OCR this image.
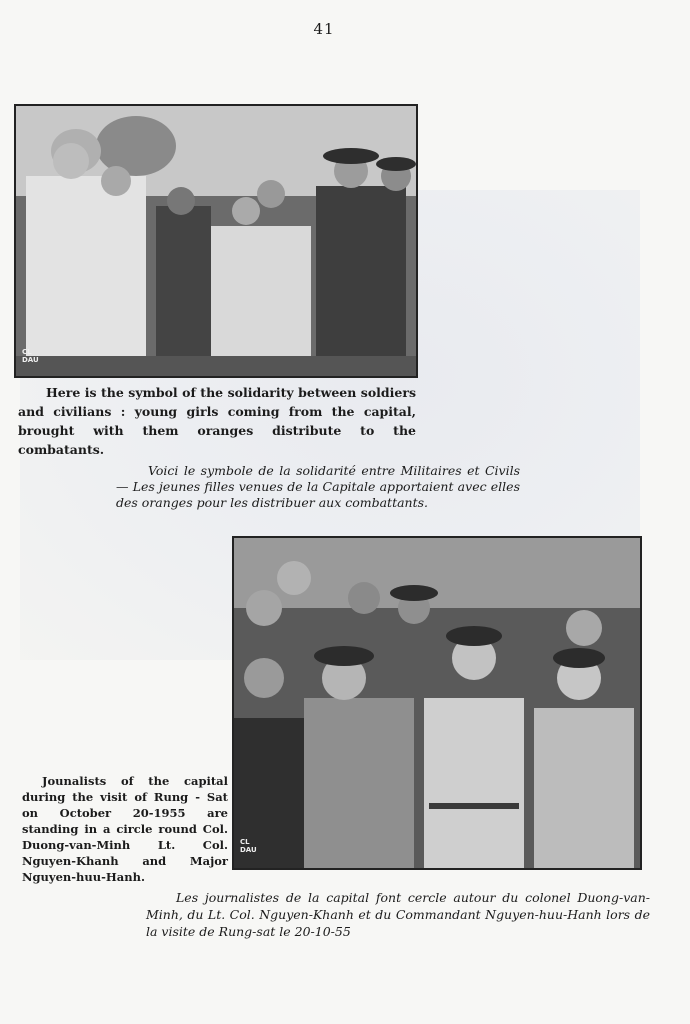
41
CL
DAU
Here is the symbol of the solidarity between soldiers and civilians : young girls coming from the capital, brought with them oranges distribute to the combatants.
Voici le symbole de la solidarité entre Militaires et Civils — Les jeunes filles venues de la Capitale apportaient avec elles des oranges pour les distribuer aux combattants.
CL
DAU
Jounalists of the capital during the visit of Rung - Sat on October 20-1955 are standing in a circle round Col. Duong-van-Minh Lt. Col. Nguyen-Khanh and Major Nguyen-huu-Hanh.
Les journalistes de la capital font cercle autour du colonel Duong-van-Minh, du Lt. Col. Nguyen-Khanh et du Commandant Nguyen-huu-Hanh lors de la visite de Rung-sat le 20-10-55
